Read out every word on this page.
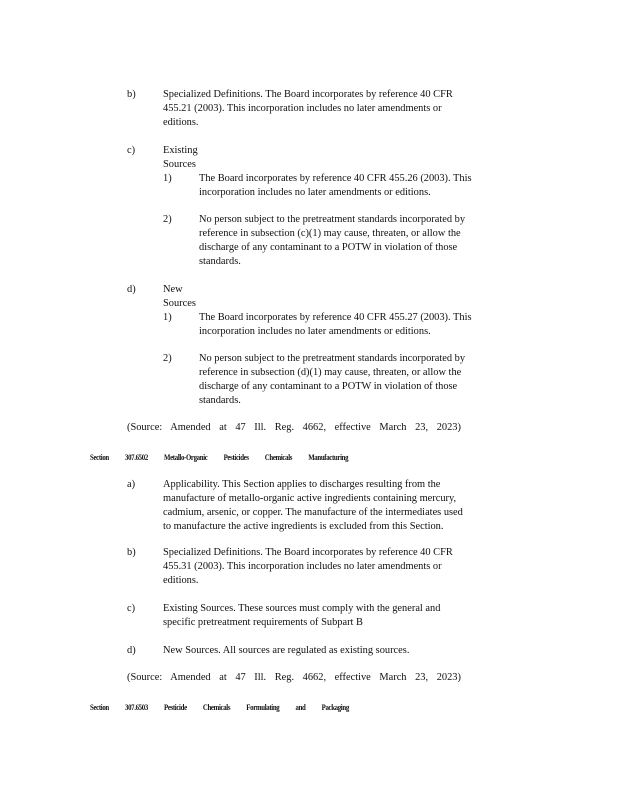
b)	Specialized Definitions. The Board incorporates by reference 40 CFR
455.21 (2003). This incorporation includes no later amendments or
editions.
c)	Existing Sources
1)	The Board incorporates by reference 40 CFR 455.26 (2003). This
incorporation includes no later amendments or editions.
2)	No person subject to the pretreatment standards incorporated by
reference in subsection (c)(1) may cause, threaten, or allow the
discharge of any contaminant to a POTW in violation of those
standards.
d)	New Sources
1)	The Board incorporates by reference 40 CFR 455.27 (2003). This
incorporation includes no later amendments or editions.
2)	No person subject to the pretreatment standards incorporated by
reference in subsection (d)(1) may cause, threaten, or allow the
discharge of any contaminant to a POTW in violation of those
standards.
(Source: Amended at 47 Ill. Reg. 4662, effective March 23, 2023)
Section 307.6502 Metallo-Organic Pesticides Chemicals Manufacturing
a)	Applicability. This Section applies to discharges resulting from the
manufacture of metallo-organic active ingredients containing mercury,
cadmium, arsenic, or copper. The manufacture of the intermediates used
to manufacture the active ingredients is excluded from this Section.
b)	Specialized Definitions. The Board incorporates by reference 40 CFR
455.31 (2003). This incorporation includes no later amendments or
editions.
c)	Existing Sources. These sources must comply with the general and
specific pretreatment requirements of Subpart B
d)	New Sources. All sources are regulated as existing sources.
(Source: Amended at 47 Ill. Reg. 4662, effective March 23, 2023)
Section 307.6503 Pesticide Chemicals Formulating and Packaging
